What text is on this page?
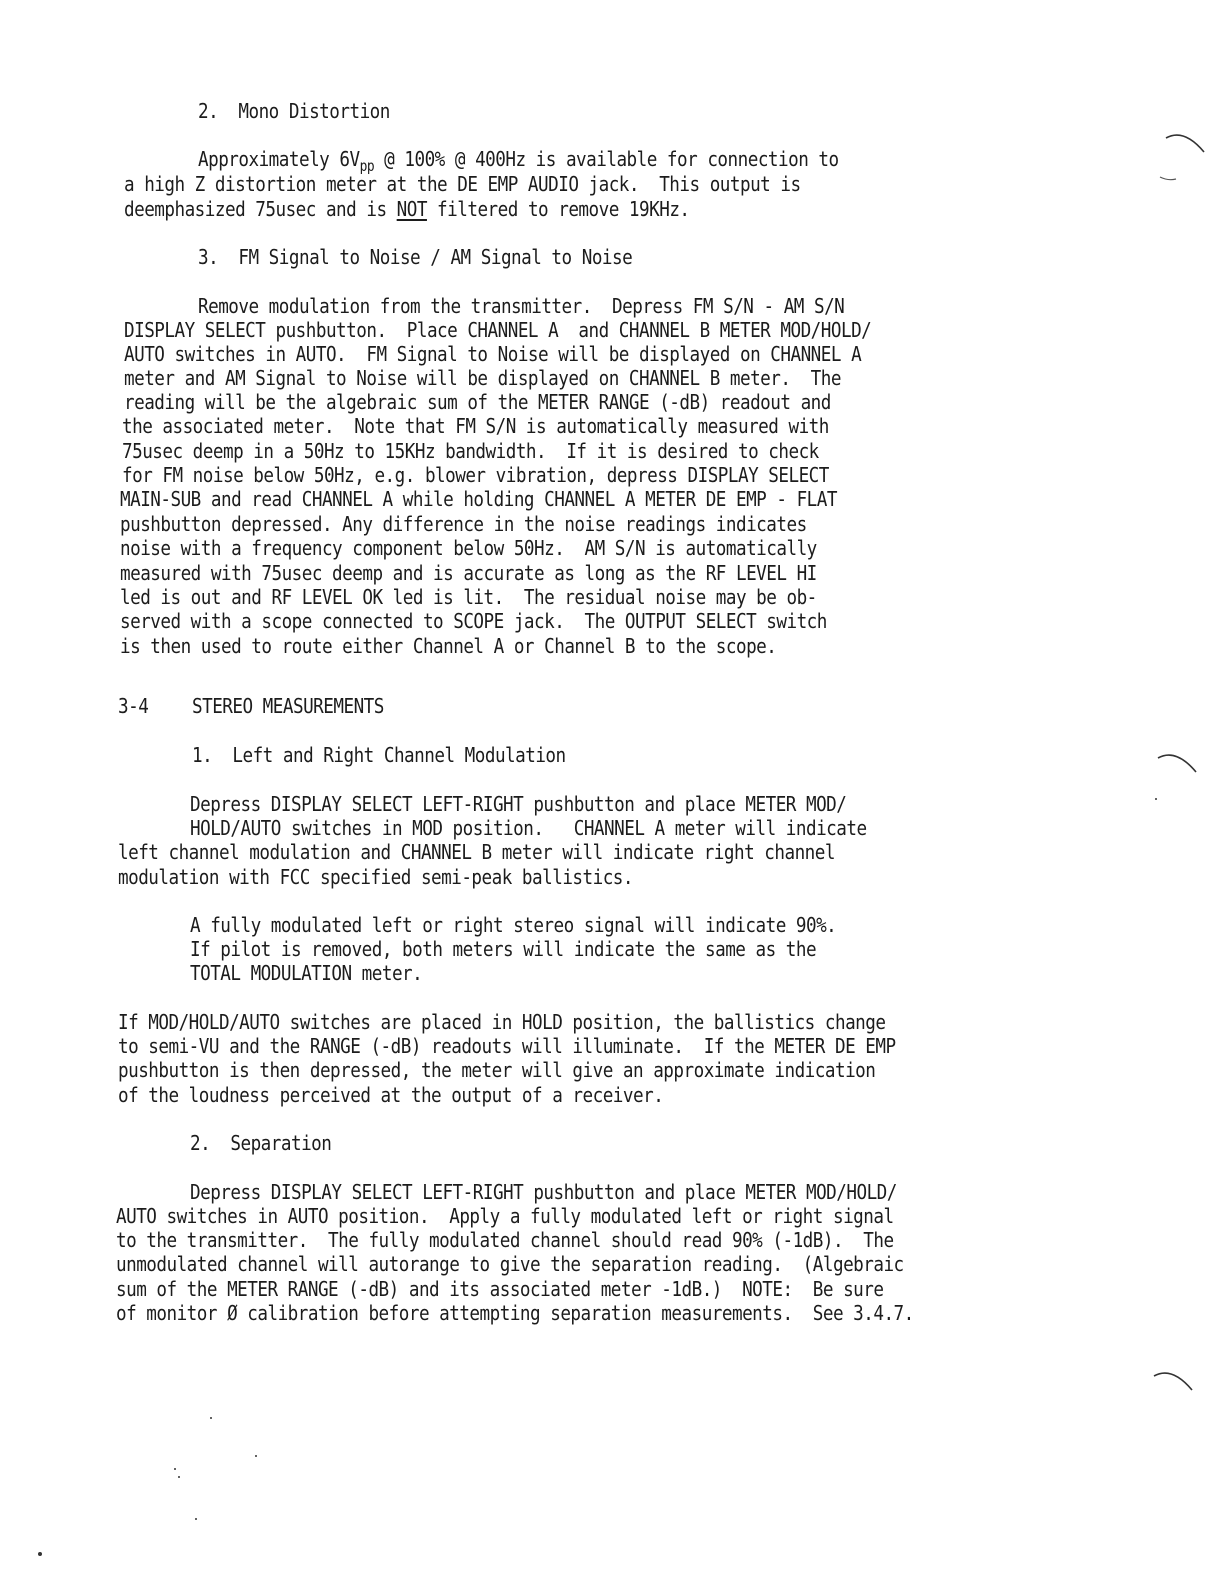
2.  Mono Distortion
Approximately $6V_{pp}$ @ 100% @ 400Hz is available for connection to
a high Z distortion meter at the DE EMP AUDIO jack.  This output is
deemphasized 75usec and is NOT filtered to remove 19KHz.
3.  FM Signal to Noise / AM Signal to Noise
Remove modulation from the transmitter.  Depress FM S/N - AM S/N
DISPLAY SELECT pushbutton.  Place CHANNEL A  and CHANNEL B METER MOD/HOLD/
AUTO switches in AUTO.  FM Signal to Noise will be displayed on CHANNEL A
meter and AM Signal to Noise will be displayed on CHANNEL B meter.  The
reading will be the algebraic sum of the METER RANGE (-dB) readout and
the associated meter.  Note that FM S/N is automatically measured with
75usec deemp in a 50Hz to 15KHz bandwidth.  If it is desired to check
for FM noise below 50Hz, e.g. blower vibration, depress DISPLAY SELECT
MAIN-SUB and read CHANNEL A while holding CHANNEL A METER DE EMP - FLAT
pushbutton depressed. Any difference in the noise readings indicates
noise with a frequency component below 50Hz.  AM S/N is automatically
measured with 75usec deemp and is accurate as long as the RF LEVEL HI
led is out and RF LEVEL OK led is lit.  The residual noise may be ob-
served with a scope connected to SCOPE jack.  The OUTPUT SELECT switch
is then used to route either Channel A or Channel B to the scope.
3-4 STEREO MEASUREMENTS
1.  Left and Right Channel Modulation
Depress DISPLAY SELECT LEFT-RIGHT pushbutton and place METER MOD/
HOLD/AUTO switches in MOD position.   CHANNEL A meter will indicate
left channel modulation and CHANNEL B meter will indicate right channel
modulation with FCC specified semi-peak ballistics.
A fully modulated left or right stereo signal will indicate 90%.
If pilot is removed, both meters will indicate the same as the
TOTAL MODULATION meter.
If MOD/HOLD/AUTO switches are placed in HOLD position, the ballistics change
to semi-VU and the RANGE (-dB) readouts will illuminate.  If the METER DE EMP
pushbutton is then depressed, the meter will give an approximate indication
of the loudness perceived at the output of a receiver.
2.  Separation
Depress DISPLAY SELECT LEFT-RIGHT pushbutton and place METER MOD/HOLD/
AUTO switches in AUTO position.  Apply a fully modulated left or right signal
to the transmitter.  The fully modulated channel should read 90% (-1dB).  The
unmodulated channel will autorange to give the separation reading.  (Algebraic
sum of the METER RANGE (-dB) and its associated meter -1dB.)  NOTE:  Be sure
of monitor Ø calibration before attempting separation measurements.  See 3.4.7.
